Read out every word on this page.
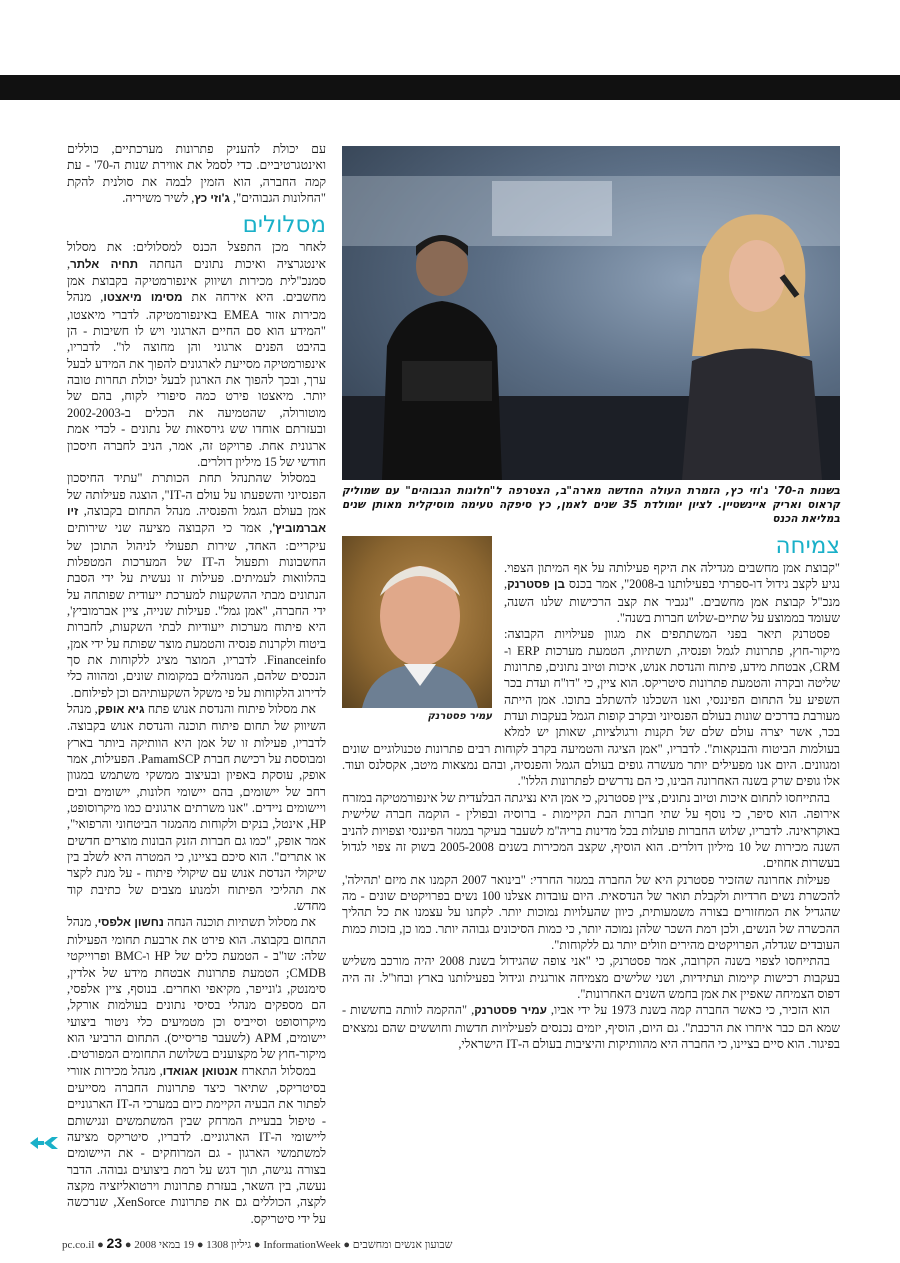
בשנות ה-70' ג'וזי כץ, הזמרת העולה החדשה מארה"ב, הצטרפה ל"חלונות הגבוהים" עם שמוליק קראוס ואריק איינשטיין. לציון יומולדת 35 שנים לאמן, כץ סיפקה טעימה מוסיקלית מאותן שנים במליאת הכנס

עם יכולת להעניק פתרונות מערכתיים, כוללים ואינטגרטיביים. כדי לסמל את אווירת שנות ה-70' - עת קמה החברה, הוא הזמין לבמה את סולנית להקת "החלונות הגבוהים", ג'וזי כץ, לשיר משיריה.

מסלולים

לאחר מכן התפצל הכנס למסלולים: את מסלול אינטגרציה ואיכות נתונים הנחתה תחיה אלתר, סמנכ"לית מכירות ושיווק אינפורמטיקה בקבוצת אמן מחשבים. היא אירחה את מסימו מיאצטו, מנהל מכירות אזור EMEA באינפורמטיקה. לדברי מיאצטו, "המידע הוא סם החיים הארגוני ויש לו חשיבות - הן בהיבט הפנים ארגוני והן מחוצה לו". לדבריו, אינפורמטיקה מסייעת לארגונים להפוך את המידע לבעל ערך, ובכך להפוך את הארגון לבעל יכולת תחרות טובה יותר. מיאצטו פירט כמה סיפורי לקוח, בהם של מוטורולה, שהטמיעה את הכלים ב-2002-2003 ובעזרתם אוחדו שש גירסאות של נתונים - לכדי אמת ארגונית אחת. פרויקט זה, אמר, הניב לחברה חיסכון חודשי של 15 מיליון דולרים.

במסלול שהתנהל תחת הכותרת "עתיד החיסכון הפנסיוני והשפעתו על עולם ה-IT", הוצגה פעילותה של אמן בעולם הגמל והפנסיה. מנהל התחום בקבוצה, זיו אברמוביץ', אמר כי הקבוצה מציעה שני שירותים עיקריים: האחד, שירות תפעולי לניהול התוכן של החשבונות ותפעול ה-IT של המערכות המטפלות בהלוואות לעמיתים. פעילות זו נעשית על ידי הסבת הנתונים מבתי ההשקעות למערכת ייעודית שפותחה על ידי החברה, "אמן גמל". פעילות שנייה, ציין אברמוביץ', היא פיתוח מערכות ייעודיות לבתי השקעות, לחברות ביטוח ולקרנות פנסיה והטמעת מוצר שפותח על ידי אמן, Financeinfo. לדבריו, המוצר מציג ללקוחות את סך הנכסים שלהם, המנוהלים במקומות שונים, ומהווה כלי לדירוג הלקוחות על פי משקל השקעותיהם וכן לפילוחם.

את מסלול פיתוח והנדסת אנוש פתח גיא אופק, מנהל השיווק של תחום פיתוח תוכנה והנדסת אנוש בקבוצה. לדבריו, פעילות זו של אמן היא הוותיקה ביותר בארץ ומבוססת על רכישת חברת PamamSCP. הפעילות, אמר אופק, עוסקת באפיון ובעיצוב ממשקי משתמש במגוון רחב של יישומים, בהם יישומי חלונות, יישומים ובים ויישומים ניידים. "אנו משרתים ארגונים כמו מיקרוסופט, HP, אינטל, בנקים ולקוחות מהמגזר הביטחוני והרפואי", אמר אופק, "כמו גם חברות הזנק הבונות מוצרים חדשים או אתרים". הוא סיכם בציינו, כי המטרה היא לשלב בין שיקולי הנדסת אנוש עם שיקולי פיתוח - על מנת לקצר את תהליכי הפיתוח ולמנוע מצבים של כתיבת קוד מחדש.

את מסלול תשתיות תוכנה הנחה נחשון אלפסי, מנהל התחום בקבוצה. הוא פירט את ארבעת תחומי הפעילות שלה: שו"ב - הטמעת כלים של HP ו-BMC ופרוייקטי CMDB; הטמעת פתרונות אבטחת מידע של אלדין, סימנטק, ג'ונייפר, מקיאפי ואחרים. בנוסף, ציין אלפסי, הם מספקים מנהלי בסיסי נתונים בעולמות אורקל, מיקרוסופט וסייביס וכן מטמיעים כלי ניטור ביצועי יישומים, APM (לשעבר פריסייס). התחום הרביעי הוא מיקור-חוץ של מקצוענים בשלושת התחומים המפורטים.

במסלול התארח אנטואן אגואדו, מנהל מכירות אזורי בסיטריקס, שתיאר כיצד פתרונות החברה מסייעים לפתור את הבעיה הקיימת כיום במערכי ה-IT הארגוניים - טיפול בבעיית המרחק שבין המשתמשים ונגישותם ליישומי ה-IT הארגוניים. לדבריו, סיטריקס מציעה למשתמשי הארגון - גם המרוחקים - את היישומים בצורה נגישה, תוך דגש על רמת ביצועים גבוהה. הדבר נעשה, בין השאר, בעזרת פתרונות וירטואליזציה מקצה לקצה, הכוללים גם את פתרונות XenSorce, שנרכשה על ידי סיטריקס.

עמיר פסטרנק
צמיחה

"קבוצת אמן מחשבים מגדילה את היקף פעילותה על אף המיתון הצפוי. נגיע לקצב גידול דו-ספרתי בפעילותנו ב-2008", אמר בכנס בן פסטרנק, מנכ"ל קבוצת אמן מחשבים. "נגביר את קצב הרכישות שלנו השנה, שעומד בממוצע על שתיים-שלוש חברות בשנה".

פסטרנק תיאר בפני המשתתפים את מגוון פעילויות הקבוצה: מיקור-חוץ, פתרונות לגמל ופנסיה, תשתיות, הטמעת מערכות ERP ו-CRM, אבטחת מידע, פיתוח והנדסת אנוש, איכות וטיוב נתונים, פתרונות שליטה ובקרה והטמעת פתרונות סיטריקס. הוא ציין, כי "דו"ח ועדת בכר השפיע על התחום הפיננסי, ואנו השכלנו להשתלב בתוכו. אמן הייתה מעורבת בדרכים שונות בעולם הפנסיוני ובקרב קופות הגמל בעקבות ועדת בכר, אשר יצרה עולם שלם של תקנות ורגולציות, שאותן יש למלא בעולמות הביטוח והבנקאות". לדבריו, "אמן הציגה והטמיעה בקרב לקוחות רבים פתרונות טכנולוגיים שונים ומגוונים. היום אנו מפעילים יותר מעשרה גופים בעולם הגמל והפנסיה, ובהם נמצאות מיטב, אקסלנס ועוד. אלו גופים שרק בשנה האחרונה הבינו, כי הם נדרשים לפתרונות הללו".

בהתייחסו לתחום איכות וטיוב נתונים, ציין פסטרנק, כי אמן היא נציגתה הבלעדית של אינפורמטיקה במזרח אירופה. הוא סיפר, כי נוסף על שתי חברות הבת הקיימות - ברוסיה ובפולין - הוקמה חברה שלישית באוקראינה. לדבריו, שלוש החברות פועלות בכל מדינות בריה"מ לשעבר בעיקר במגזר הפיננסי וצפויות להניב השנה מכירות של 10 מיליון דולרים. הוא הוסיף, שקצב המכירות בשנים 2005-2008 בשוק זה צפוי לגדול בעשרות אחוזים.

פעילות אחרונה שהזכיר פסטרנק היא של החברה במגזר החרדי: "בינואר 2007 הקמנו את מיזם 'תהילה', להכשרת נשים חרדיות ולקבלת תואר של הנדסאית. היום עובדות אצלנו 100 נשים בפרויקטים שונים - מה שהגדיל את המחזורים בצורה משמעותית, כיוון שהעלויות נמוכות יותר. לקחנו על עצמנו את כל תהליך ההכשרה של הנשים, ולכן רמת השכר שלהן נמוכה יותר, כי כמות הסיכונים גבוהה יותר. כמו כן, בזכות כמות העובדים שגדלה, הפרויקטים מהירים וזולים יותר גם ללקוחות".

בהתייחסו לצפוי בשנה הקרובה, אמר פסטרנק, כי "אני צופה שהגידול בשנת 2008 יהיה מורכב משליש בעקבות רכישות קיימות ועתידיות, ושני שלישים מצמיחה אורגנית וגידול בפעילותנו בארץ ובחו"ל. זה היה דפוס הצמיחה שאפיין את אמן בחמש השנים האחרונות".

הוא הזכיר, כי כאשר החברה קמה בשנת 1973 על ידי אביו, עמיר פסטרנק, "ההקמה לוותה בחששות - שמא הם כבר איחרו את הרכבת". גם היום, הוסיף, יזמים נכנסים לפעילויות חדשות וחוששים שהם נמצאים בפיגור. הוא סיים בציינו, כי החברה היא מהוותיקות והיציבות בעולם ה-IT הישראלי,

שבועון אנשים ומחשבים ● InformationWeek ● גיליון 1308 ● 19 במאי 2008 ● pc.co.il ● 23
